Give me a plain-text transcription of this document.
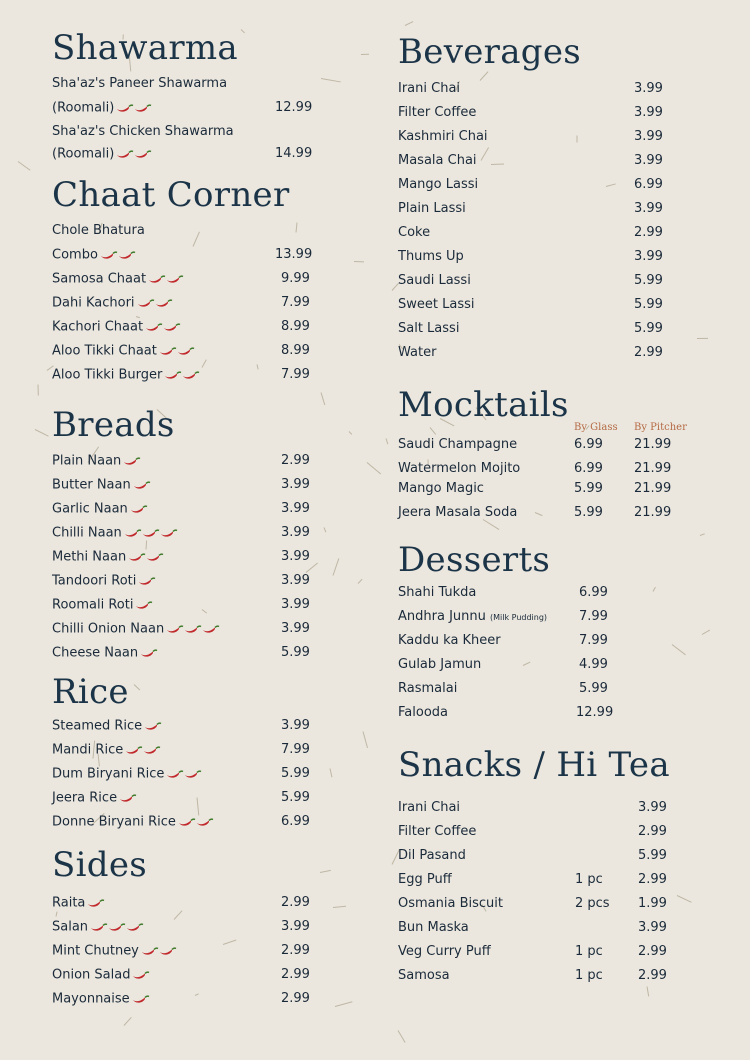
Shawarma
Sha'az's Paneer Shawarma
(Roomali)	12.99
Sha'az's Chicken Shawarma
(Roomali)	14.99
Chaat Corner
Chole Bhatura
Combo	13.99
Samosa Chaat	9.99
Dahi Kachori	7.99
Kachori Chaat	8.99
Aloo Tikki Chaat	8.99
Aloo Tikki Burger	7.99
Breads
Plain Naan	2.99
Butter Naan	3.99
Garlic Naan	3.99
Chilli Naan	3.99
Methi Naan	3.99
Tandoori Roti	3.99
Roomali Roti	3.99
Chilli Onion Naan	3.99
Cheese Naan	5.99
Rice
Steamed Rice	3.99
Mandi Rice	7.99
Dum Biryani Rice	5.99
Jeera Rice	5.99
Donne Biryani Rice	6.99
Sides
Raita	2.99
Salan	3.99
Mint Chutney	2.99
Onion Salad	2.99
Mayonnaise	2.99
Beverages
Irani Chai	3.99
Filter Coffee	3.99
Kashmiri Chai	3.99
Masala Chai	3.99
Mango Lassi	6.99
Plain Lassi	3.99
Coke	2.99
Thums Up	3.99
Saudi Lassi	5.99
Sweet Lassi	5.99
Salt Lassi	5.99
Water	2.99
Mocktails
By Glass By Pitcher
Saudi Champagne	6.99 21.99
Watermelon Mojito	6.99 21.99
Mango Magic	5.99 21.99
Jeera Masala Soda	5.99 21.99
Desserts
Shahi Tukda	6.99
Andhra Junnu (Milk Pudding) 7.99
Kaddu ka Kheer	7.99
Gulab Jamun	4.99
Rasmalai	5.99
Falooda	12.99
Snacks / Hi Tea
Irani Chai	3.99
Filter Coffee	2.99
Dil Pasand	5.99
Egg Puff	1 pc	2.99
Osmania Biscuit	2 pcs 1.99
Bun Maska	3.99
Veg Curry Puff	1 pc	2.99
Samosa	1 pc	2.99
